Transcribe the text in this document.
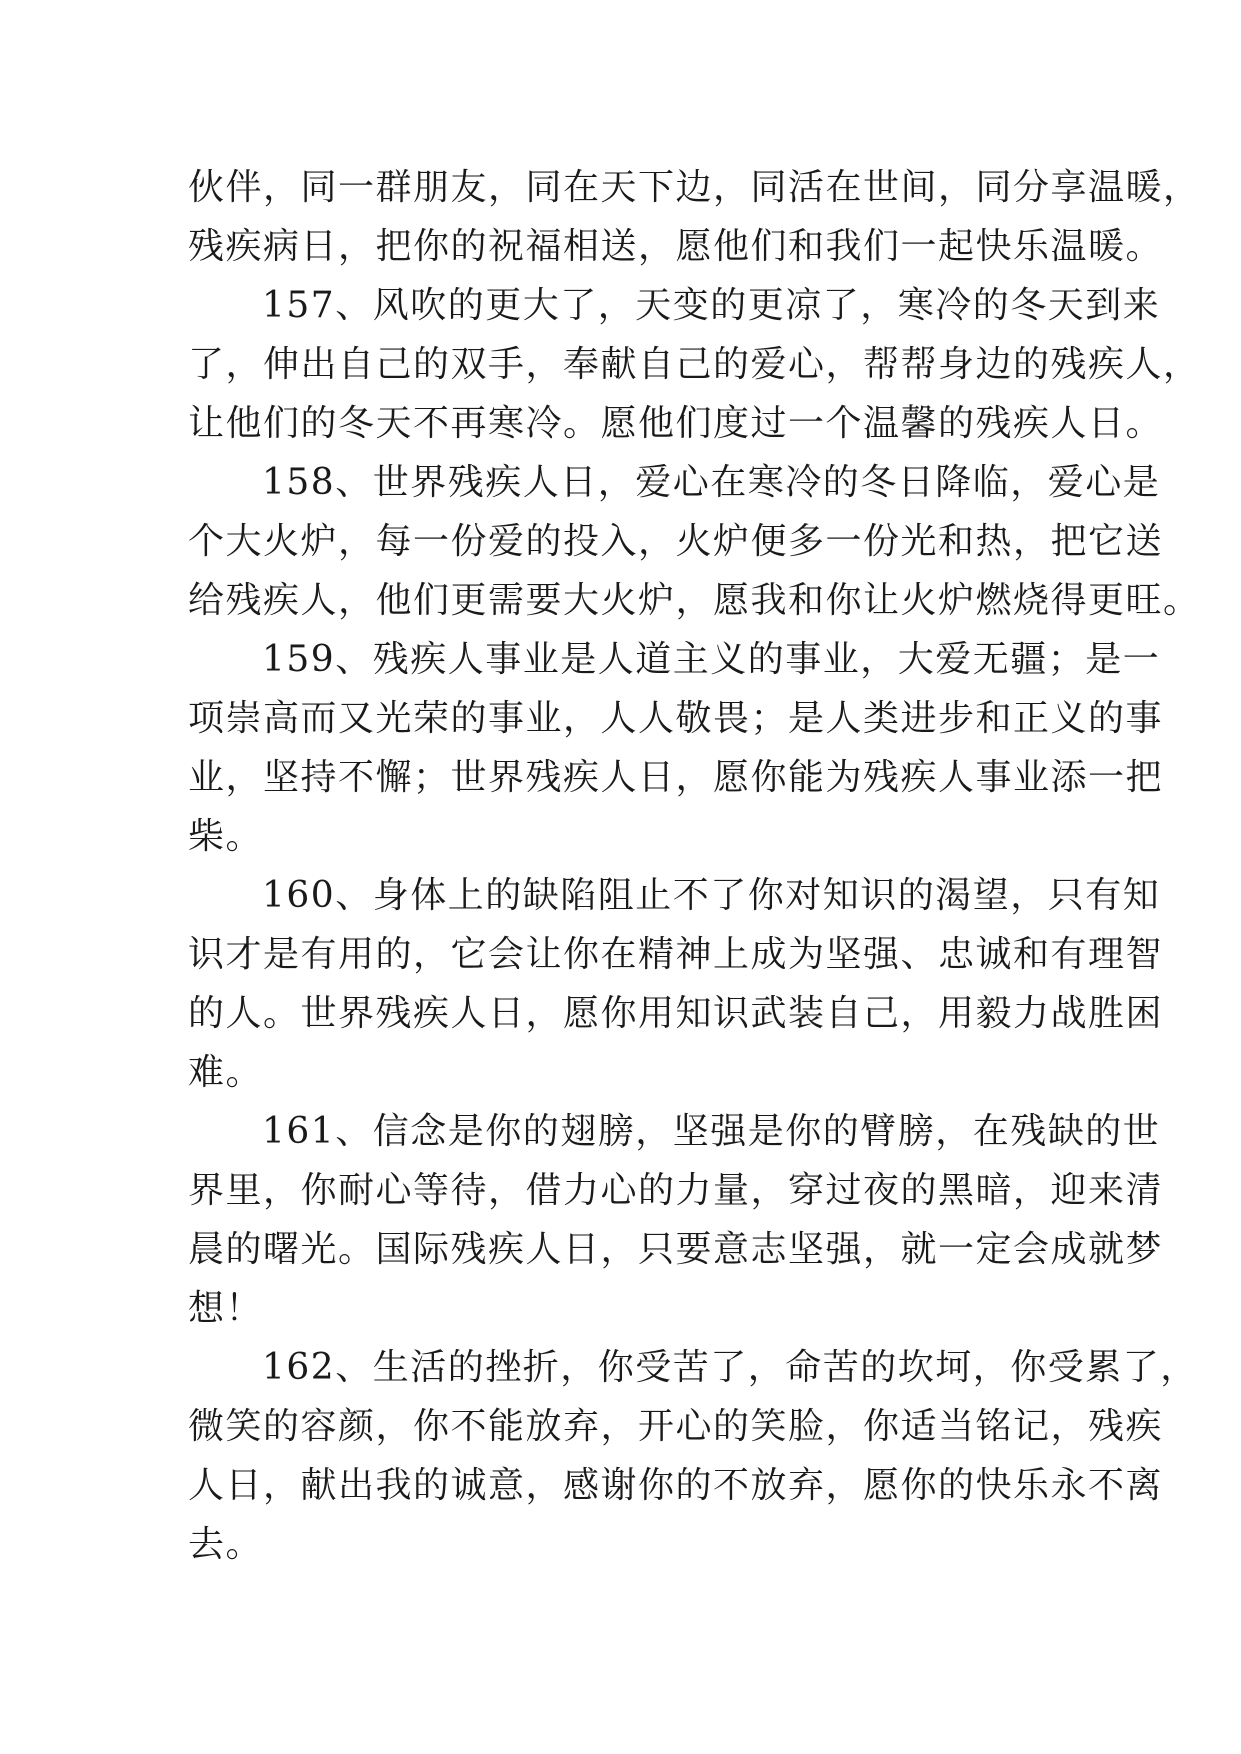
伙伴，同一群朋友，同在天下边，同活在世间，同分享温暖，
残疾病日，把你的祝福相送，愿他们和我们一起快乐温暖。
157、风吹的更大了，天变的更凉了，寒冷的冬天到来
了，伸出自己的双手，奉献自己的爱心，帮帮身边的残疾人，
让他们的冬天不再寒冷。愿他们度过一个温馨的残疾人日。
158、世界残疾人日，爱心在寒冷的冬日降临，爱心是
个大火炉，每一份爱的投入，火炉便多一份光和热，把它送
给残疾人，他们更需要大火炉，愿我和你让火炉燃烧得更旺。
159、残疾人事业是人道主义的事业，大爱无疆；是一
项崇高而又光荣的事业，人人敬畏；是人类进步和正义的事
业，坚持不懈；世界残疾人日，愿你能为残疾人事业添一把
柴。
160、身体上的缺陷阻止不了你对知识的渴望，只有知
识才是有用的，它会让你在精神上成为坚强、忠诚和有理智
的人。世界残疾人日，愿你用知识武装自己，用毅力战胜困
难。
161、信念是你的翅膀，坚强是你的臂膀，在残缺的世
界里，你耐心等待，借力心的力量，穿过夜的黑暗，迎来清
晨的曙光。国际残疾人日，只要意志坚强，就一定会成就梦
想！
162、生活的挫折，你受苦了，命苦的坎坷，你受累了，
微笑的容颜，你不能放弃，开心的笑脸，你适当铭记，残疾
人日，献出我的诚意，感谢你的不放弃，愿你的快乐永不离
去。
